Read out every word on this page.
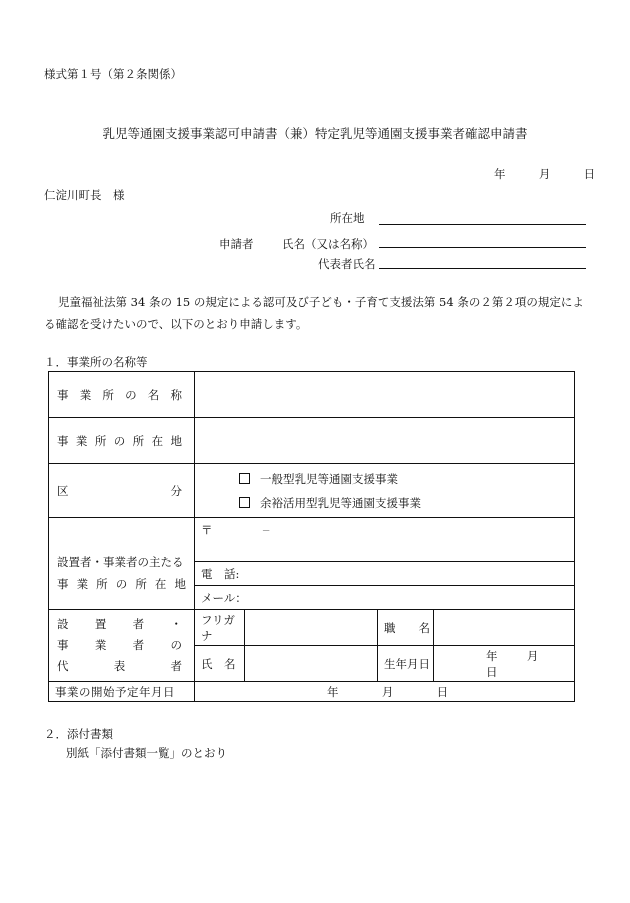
様式第１号（第２条関係）
乳児等通園支援事業認可申請書（兼）特定乳児等通園支援事業者確認申請書
年	月	日
仁淀川町長　様
所在地
申請者 氏名（又は名称）
代表者氏名
児童福祉法第 34 条の 15 の規定による認可及び子ども・子育て支援法第 54 条の２第２項の規定による確認を受けたいので、以下のとおり申請します。
１．事業所の名称等
事業所の名称				
事業所の所在地				

区 分	一般型乳児等通園支援事業
余裕活用型乳児等通園支援事業			

設置者・事業者の主たる
事業所の所在地	〒 －			
	電　話:			
	メール：			

設置者・
事業者の
代表者	フリガナ		職　　名	
	氏　名		生年月日	年 月  日
事業の開始予定年月日	年 月 日			
２．添付書類
別紙「添付書類一覧」のとおり
